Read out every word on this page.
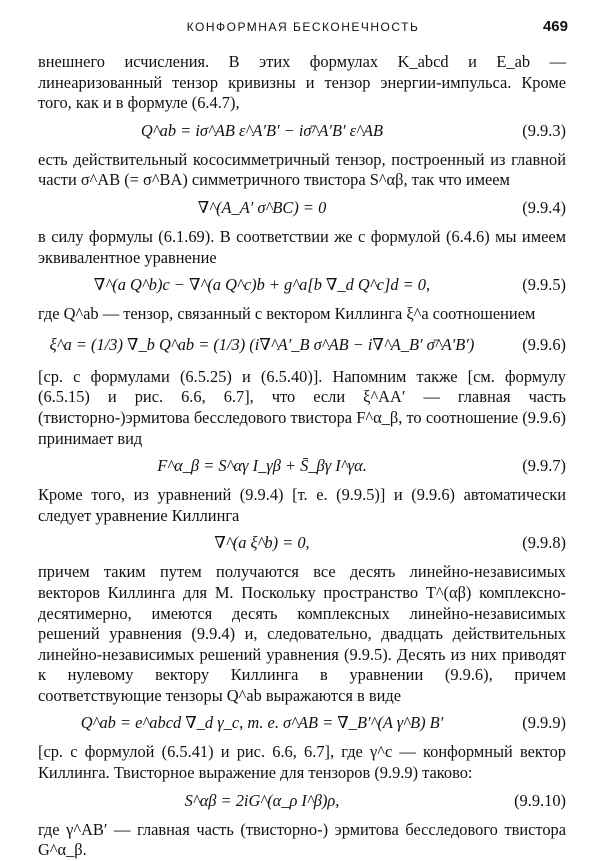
КОНФОРМНАЯ БЕСКОНЕЧНОСТЬ	469

внешнего исчисления. В этих формулах K_abcd и E_ab — линеаризованный тензор кривизны и тензор энергии-импульса. Кроме того, как и в формуле (6.4.7),

Q^ab = iσ^AB ε^A′B′ − iσ̄^A′B′ ε^AB	(9.9.3)

есть действительный кососимметричный тензор, построенный из главной части σ^AB (= σ^BA) симметричного твистора S^αβ, так что имеем

∇^(A_A′ σ^BC) = 0	(9.9.4)

в силу формулы (6.1.69). В соответствии же с формулой (6.4.6) мы имеем эквивалентное уравнение

∇^(a Q^b)c − ∇^(a Q^c)b + g^a[b ∇_d Q^c]d = 0,	(9.9.5)

где Q^ab — тензор, связанный с вектором Киллинга ξ^a соотношением

ξ^a = (1/3) ∇_b Q^ab = (1/3) (i∇^A′_B σ^AB − i∇^A_B′ σ̄^A′B′)	(9.9.6)

[ср. с формулами (6.5.25) и (6.5.40)]. Напомним также [см. формулу (6.5.15) и рис. 6.6, 6.7], что если ξ^AA′ — главная часть (твисторно-)эрмитова бесследового твистора F^α_β, то соотношение (9.9.6) принимает вид

F^α_β = S^αγ I_γβ + S̄_βγ I^γα.	(9.9.7)

Кроме того, из уравнений (9.9.4) [т. е. (9.9.5)] и (9.9.6) автоматически следует уравнение Киллинга

∇^(a ξ^b) = 0,	(9.9.8)

причем таким путем получаются все десять линейно-независимых векторов Киллинга для M. Поскольку пространство T^(αβ) комплексно-десятимерно, имеются десять комплексных линейно-независимых решений уравнения (9.9.4) и, следовательно, двадцать действительных линейно-независимых решений уравнения (9.9.5). Десять из них приводят к нулевому вектору Киллинга в уравнении (9.9.6), причем соответствующие тензоры Q^ab выражаются в виде

Q^ab = e^abcd ∇_d γ_c, т. е. σ^AB = ∇_B′^(A γ^B) B′	(9.9.9)

[ср. с формулой (6.5.41) и рис. 6.6, 6.7], где γ^c — конформный вектор Киллинга. Твисторное выражение для тензоров (9.9.9) таково:

S^αβ = 2iG^(α_ρ I^β)ρ,	(9.9.10)

где γ^AB′ — главная часть (твисторно-) эрмитова бесследового твистора G^α_β.
